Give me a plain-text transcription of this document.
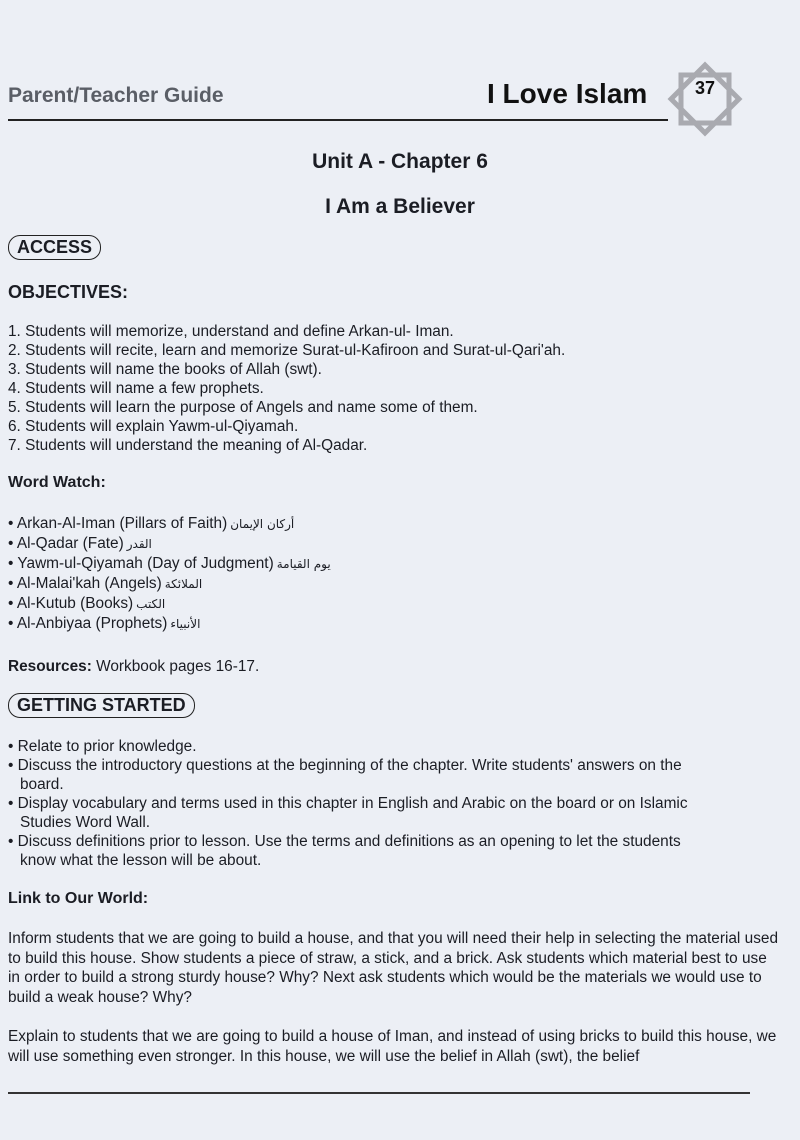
Parent/Teacher Guide	I Love Islam	37
Unit A - Chapter 6
I Am a Believer
ACCESS
OBJECTIVES:
1. Students will memorize, understand and define Arkan-ul- Iman.
2. Students will recite, learn and memorize Surat-ul-Kafiroon and Surat-ul-Qari'ah.
3. Students will name the books of Allah (swt).
4. Students will name a few prophets.
5. Students will learn the purpose of Angels and name some of them.
6. Students will explain Yawm-ul-Qiyamah.
7. Students will understand the meaning of Al-Qadar.
Word Watch:
• Arkan-Al-Iman (Pillars of Faith) أركان الإيمان
• Al-Qadar (Fate) القدر
• Yawm-ul-Qiyamah (Day of Judgment) يوم القيامة
• Al-Malai'kah (Angels) الملائكة
• Al-Kutub (Books) الكتب
• Al-Anbiyaa (Prophets) الأنبياء
Resources: Workbook pages 16-17.
GETTING STARTED
• Relate to prior knowledge.
• Discuss the introductory questions at the beginning of the chapter. Write students' answers on the board.
• Display vocabulary and terms used in this chapter in English and Arabic on the board or on Islamic Studies Word Wall.
• Discuss definitions prior to lesson. Use the terms and definitions as an opening to let the students know what the lesson will be about.
Link to Our World:

Inform students that we are going to build a house, and that you will need their help in selecting the material used to build this house. Show students a piece of straw, a stick, and a brick. Ask students which material best to use in order to build a strong sturdy house? Why? Next ask students which would be the materials we would use to build a weak house? Why?

Explain to students that we are going to build a house of Iman, and instead of using bricks to build this house, we will use something even stronger. In this house, we will use the belief in Allah (swt), the belief
